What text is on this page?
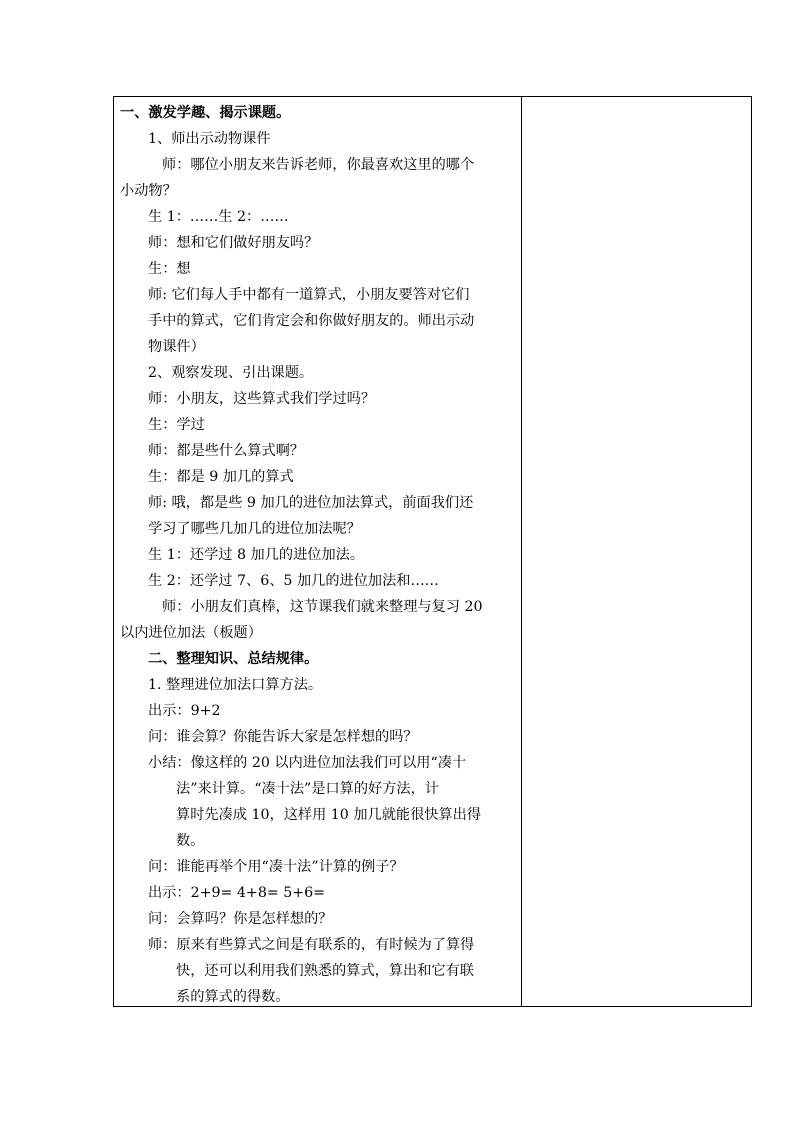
一、激发学趣、揭示课题。
1、师出示动物课件
师：哪位小朋友来告诉老师，你最喜欢这里的哪个
小动物？
生 1：……生 2：……
师：想和它们做好朋友吗？
生：想
师: 它们每人手中都有一道算式，小朋友要答对它们
手中的算式，它们肯定会和你做好朋友的。师出示动
物课件）
2、观察发现、引出课题。
师：小朋友，这些算式我们学过吗？
生：学过
师：都是些什么算式啊？
生：都是 9 加几的算式
师: 哦，都是些 9 加几的进位加法算式，前面我们还
学习了哪些几加几的进位加法呢？
生 1：还学过 8 加几的进位加法。
生 2：还学过 7、6、5 加几的进位加法和……
师：小朋友们真棒，这节课我们就来整理与复习 20
以内进位加法（板题）
二、整理知识、总结规律。
1. 整理进位加法口算方法。
出示：9+2
问：谁会算？你能告诉大家是怎样想的吗？
小结：像这样的 20 以内进位加法我们可以用“凑十
法”来计算。“凑十法”是口算的好方法，计
算时先凑成 10，这样用 10 加几就能很快算出得
数。
问：谁能再举个用“凑十法”计算的例子？
出示：2+9= 4+8= 5+6=
问：会算吗？你是怎样想的？
师：原来有些算式之间是有联系的，有时候为了算得
快，还可以利用我们熟悉的算式，算出和它有联
系的算式的得数。
